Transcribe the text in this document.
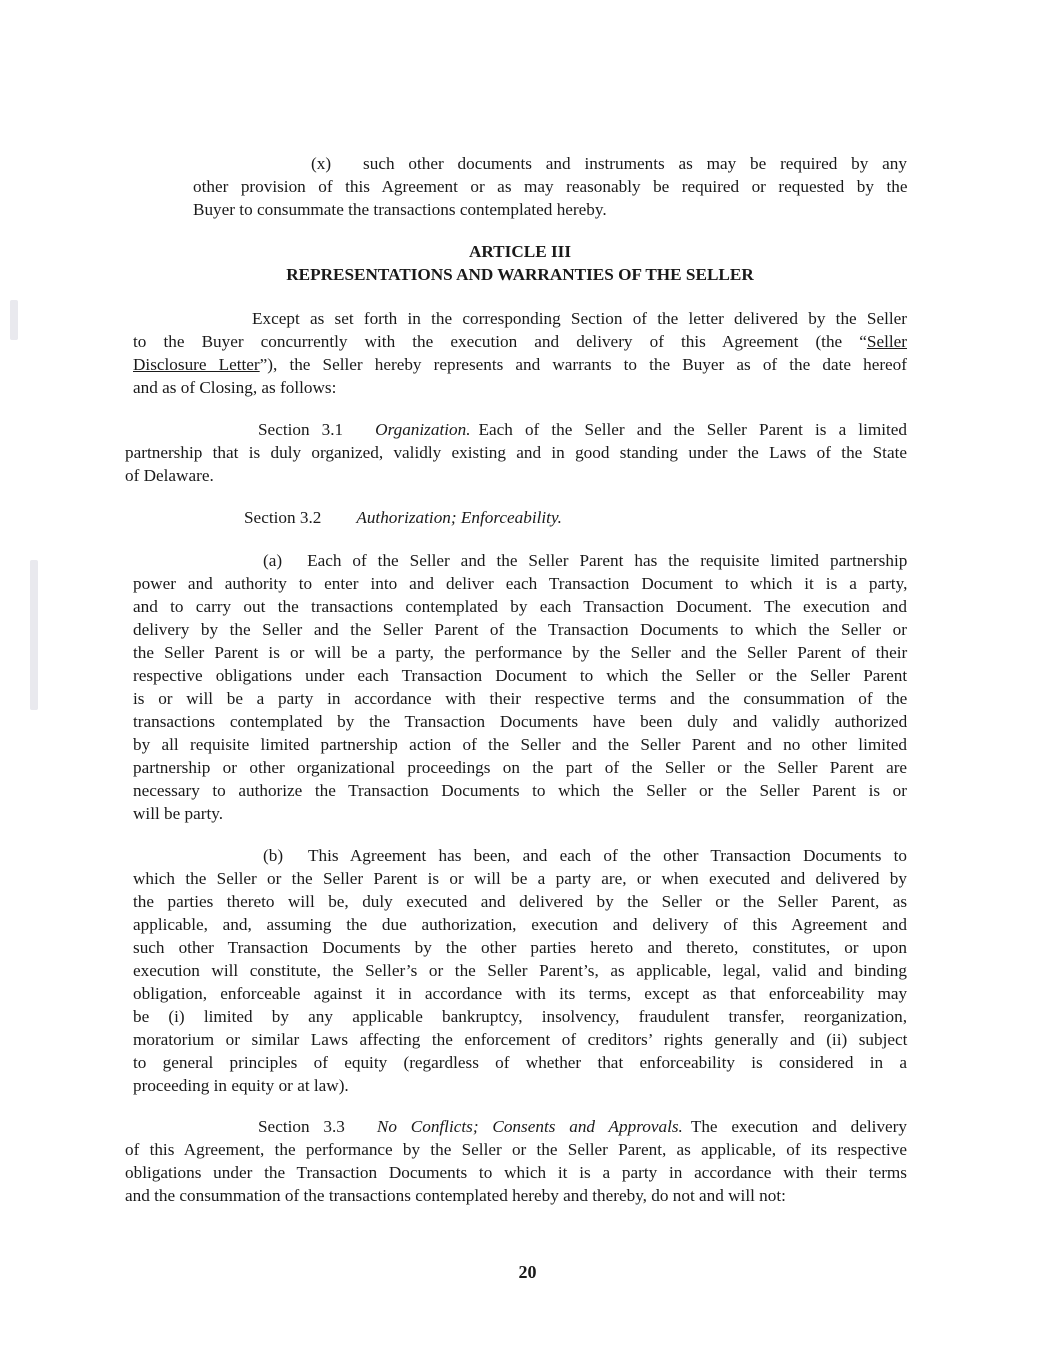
(x) such other documents and instruments as may be required by any
other provision of this Agreement or as may reasonably be required or requested by the
Buyer to consummate the transactions contemplated hereby.
ARTICLE III
REPRESENTATIONS AND WARRANTIES OF THE SELLER
Except as set forth in the corresponding Section of the letter delivered by the Seller
to the Buyer concurrently with the execution and delivery of this Agreement (the “Seller
Disclosure Letter”), the Seller hereby represents and warrants to the Buyer as of the date hereof
and as of Closing, as follows:
Section 3.1 Organization. Each of the Seller and the Seller Parent is a limited
partnership that is duly organized, validly existing and in good standing under the Laws of the State
of Delaware.
Section 3.2 Authorization; Enforceability.
(a) Each of the Seller and the Seller Parent has the requisite limited partnership
power and authority to enter into and deliver each Transaction Document to which it is a party,
and to carry out the transactions contemplated by each Transaction Document. The execution and
delivery by the Seller and the Seller Parent of the Transaction Documents to which the Seller or
the Seller Parent is or will be a party, the performance by the Seller and the Seller Parent of their
respective obligations under each Transaction Document to which the Seller or the Seller Parent
is or will be a party in accordance with their respective terms and the consummation of the
transactions contemplated by the Transaction Documents have been duly and validly authorized
by all requisite limited partnership action of the Seller and the Seller Parent and no other limited
partnership or other organizational proceedings on the part of the Seller or the Seller Parent are
necessary to authorize the Transaction Documents to which the Seller or the Seller Parent is or
will be party.
(b) This Agreement has been, and each of the other Transaction Documents to
which the Seller or the Seller Parent is or will be a party are, or when executed and delivered by
the parties thereto will be, duly executed and delivered by the Seller or the Seller Parent, as
applicable, and, assuming the due authorization, execution and delivery of this Agreement and
such other Transaction Documents by the other parties hereto and thereto, constitutes, or upon
execution will constitute, the Seller’s or the Seller Parent’s, as applicable, legal, valid and binding
obligation, enforceable against it in accordance with its terms, except as that enforceability may
be (i) limited by any applicable bankruptcy, insolvency, fraudulent transfer, reorganization,
moratorium or similar Laws affecting the enforcement of creditors’ rights generally and (ii) subject
to general principles of equity (regardless of whether that enforceability is considered in a
proceeding in equity or at law).
Section 3.3 No Conflicts; Consents and Approvals. The execution and delivery
of this Agreement, the performance by the Seller or the Seller Parent, as applicable, of its respective
obligations under the Transaction Documents to which it is a party in accordance with their terms
and the consummation of the transactions contemplated hereby and thereby, do not and will not:
20
